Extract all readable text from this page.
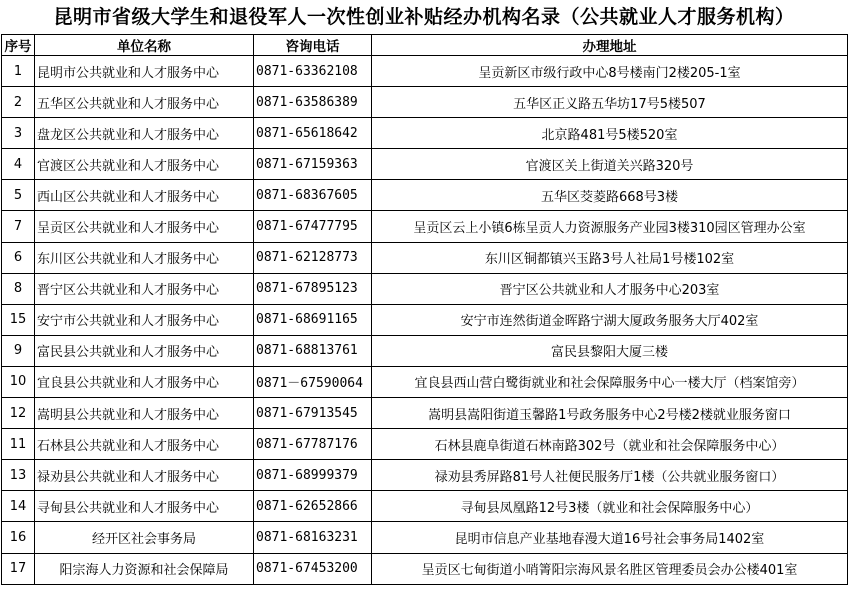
昆明市省级大学生和退役军人一次性创业补贴经办机构名录（公共就业人才服务机构）
序号	单位名称	咨询电话	办理地址
1	昆明市公共就业和人才服务中心	0871-63362108	呈贡新区市级行政中心8号楼南门2楼205-1室
2	五华区公共就业和人才服务中心	0871-63586389	五华区正义路五华坊17号5楼507
3	盘龙区公共就业和人才服务中心	0871-65618642	北京路481号5楼520室
4	官渡区公共就业和人才服务中心	0871-67159363	官渡区关上街道关兴路320号
5	西山区公共就业和人才服务中心	0871-68367605	五华区茭菱路668号3楼
7	呈贡区公共就业和人才服务中心	0871-67477795	呈贡区云上小镇6栋呈贡人力资源服务产业园3楼310园区管理办公室
6	东川区公共就业和人才服务中心	0871-62128773	东川区铜都镇兴玉路3号人社局1号楼102室
8	晋宁区公共就业和人才服务中心	0871-67895123	晋宁区公共就业和人才服务中心203室
15	安宁市公共就业和人才服务中心	0871-68691165	安宁市连然街道金晖路宁湖大厦政务服务大厅402室
9	富民县公共就业和人才服务中心	0871-68813761	富民县黎阳大厦三楼
10	宜良县公共就业和人才服务中心	0871－67590064	宜良县西山营白鹭街就业和社会保障服务中心一楼大厅（档案馆旁）
12	嵩明县公共就业和人才服务中心	0871-67913545	嵩明县嵩阳街道玉馨路1号政务服务中心2号楼2楼就业服务窗口
11	石林县公共就业和人才服务中心	0871-67787176	石林县鹿阜街道石林南路302号（就业和社会保障服务中心）
13	禄劝县公共就业和人才服务中心	0871-68999379	禄劝县秀屏路81号人社便民服务厅1楼（公共就业服务窗口）
14	寻甸县公共就业和人才服务中心	0871-62652866	寻甸县凤凰路12号3楼（就业和社会保障服务中心）
16	经开区社会事务局	0871-68163231	昆明市信息产业基地春漫大道16号社会事务局1402室
17	阳宗海人力资源和社会保障局	0871-67453200	呈贡区七甸街道小哨箐阳宗海风景名胜区管理委员会办公楼401室
